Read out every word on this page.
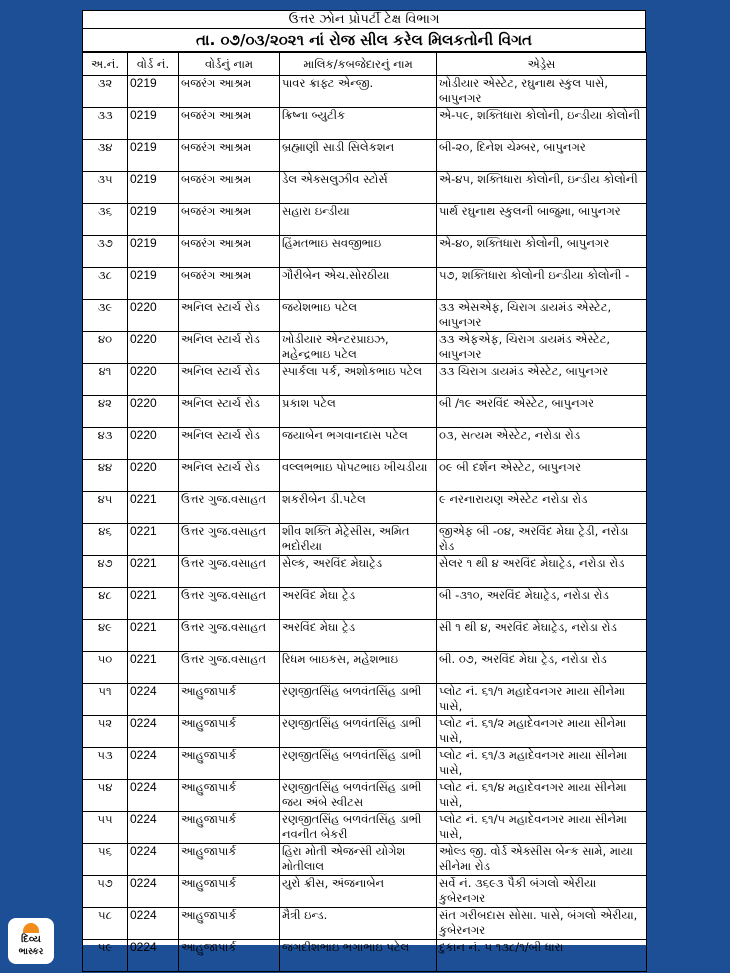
ઉત્તર ઝોન પ્રોપર્ટી ટેક્ષ વિભાગ
તા. ૦૭/૦૩/૨૦૨૧ નાં રોજ સીલ કરેલ મિલકતોની વિગત
અ.નં.	વોર્ડ નં.	વોર્ડનું નામ	માલિક/કબજેદારનું નામ	એડ્રેસ
૩૨	0219	બજરંગ આશ્રમ	પાવર ક્રાફ્ટ એન્જી.	ખોડીયાર એસ્ટેટ, રઘુનાથ સ્કુલ પાસે, બાપુનગર
૩૩	0219	બજરંગ આશ્રમ	ક્રિષ્ના બ્યુટીક	એ-૫૯, શક્તિધારા કોલોની, ઇન્ડીયા કોલોની
૩૪	0219	બજરંગ આશ્રમ	બ્રહ્માણી સાડી સિલેકશન	બી-૨૦, દિનેશ ચેમ્બર, બાપુનગર
૩૫	0219	બજરંગ આશ્રમ	ડેલ એક્સલુઝીવ સ્ટોર્સ	એ-૪૫, શક્તિધારા કોલોની, ઇન્ડીય કોલોની
૩૬	0219	બજરંગ આશ્રમ	સહારા ઇન્ડીયા	પાર્થ રઘુનાથ સ્કુલની બાજુમા, બાપુનગર
૩૭	0219	બજરંગ આશ્રમ	હિંમતભાઇ સવજીભાઇ	એ-૪૦, શક્તિધારા કોલોની, બાપુનગર
૩૮	0219	બજરંગ આશ્રમ	ગૌરીબેન એચ.સોરઠીયા	૫૭, શક્તિધારા કોલોની ઇન્ડીયા કોલોની -
૩૯	0220	અનિલ સ્ટાર્ચ રોડ	જયેશભાઇ પટેલ	૩૩ એસએફ, ચિરાગ ડાયમંડ એસ્ટેટ, બાપુનગર
૪૦	0220	અનિલ સ્ટાર્ચ રોડ	ખોડીયાર એન્ટરપ્રાઇઝ, મહેન્દ્રભાઇ પટેલ	૩૩ એફએફ, ચિરાગ ડાયમંડ એસ્ટેટ, બાપુનગર
૪૧	0220	અનિલ સ્ટાર્ચ રોડ	સ્પાર્કલા પર્ક, અશોકભાઇ પટેલ	૩૩ ચિરાગ ડાયમંડ એસ્ટેટ, બાપુનગર
૪૨	0220	અનિલ સ્ટાર્ચ રોડ	પ્રકાશ પટેલ	બી /૧૯ અરવિંદ એસ્ટેટ, બાપુનગર
૪૩	0220	અનિલ સ્ટાર્ચ રોડ	જયાબેન ભગવાનદાસ પટેલ	૦૩, સત્યમ એસ્ટેટ, નરોડા રોડ
૪૪	0220	અનિલ સ્ટાર્ચ રોડ	વલ્લભભાઇ પોપટભાઇ ખીચડીયા	૦૯ બી દર્શન એસ્ટેટ, બાપુનગર
૪૫	0221	ઉત્તર ગુજ.વસાહત	શકરીબેન ડી.પટેલ	૯ નરનારાયણ એસ્ટેટ નરોડા રોડ
૪૬	0221	ઉત્તર ગુજ.વસાહત	શીવ શક્તિ મેટ્રેસીસ, અમિત ભદોરીયા	જીએફ બી -૦૪, અરવિંદ મેઘા ટ્રેડી, નરોડા રોડ
૪૭	0221	ઉત્તર ગુજ.વસાહત	સેલ્ક, અરવિંદ મેઘાટ્રેડ	સેલર ૧ થી ૪ અરવિંદ મેઘાટ્રેડ, નરોડા રોડ
૪૮	0221	ઉત્તર ગુજ.વસાહત	અરવિંદ મેઘા ટ્રેડ	બી -૩૧૦, અરવિંદ મેઘાટ્રેડ, નરોડા રોડ
૪૯	0221	ઉત્તર ગુજ.વસાહત	અરવિંદ મેઘા ટ્રેડ	સી ૧ થી ૪, અરવિંદ મેઘાટ્રેડ, નરોડા રોડ
૫૦	0221	ઉત્તર ગુજ.વસાહત	રિધમ બાઇકસ, મહેશભાઇ	બી. ૦૭, અરવિંદ મેઘા ટ્રેડ, નરોડા રોડ
૫૧	0224	આહુજાપાર્ક	રણજીતસિંહ બળવંતસિંહ ડાભી	પ્લોટ નં. ૬૧/૧ મહાદેવનગર માયા સીનેમા પાસે,
૫૨	0224	આહુજાપાર્ક	રણજીતસિંહ બળવંતસિંહ ડાભી	પ્લોટ નં. ૬૧/૨ મહાદેવનગર માયા સીનેમા પાસે,
૫૩	0224	આહુજાપાર્ક	રણજીતસિંહ બળવંતસિંહ ડાભી	પ્લોટ નં. ૬૧/૩ મહાદેવનગર માયા સીનેમા પાસે,
૫૪	0224	આહુજાપાર્ક	રણજીતસિંહ બળવંતસિંહ ડાભી જય અંબે સ્વીટસ	પ્લોટ નં. ૬૧/૪ મહાદેવનગર માયા સીનેમા પાસે,
૫૫	0224	આહુજાપાર્ક	રણજીતસિંહ બળવંતસિંહ ડાભી નવનીત બેકરી	પ્લોટ નં. ૬૧/૫ મહાદેવનગર માયા સીનેમા પાસે,
૫૬	0224	આહુજાપાર્ક	હિરા મોતી એજન્સી યોગેશ મોતીલાલ	ઓલ્ડ જી. વોર્ડ એક્સીસ બેન્ક સામે, માયા સીનેમા રોડ
૫૭	0224	આહુજાપાર્ક	યુરો ક્રીસ, અંજનાબેન	સર્વે નં. ૩૬૯૩ પૈકી બંગલો એરીયા કુબેરનગર
૫૮	0224	આહુજાપાર્ક	મૈત્રી ઇન્ડ.	સંત ગરીબદાસ સોસા. પાસે, બંગલો એરીયા, કુબેરનગર
૫૯	0224	આહુજાપાર્ક	જગદીશભાઇ ભગાભાઇ પટેલ	દુકાન નં. ૫ ૧૩૮/૧/બી ધારા
દિવ્ય
ભાસ્કર
